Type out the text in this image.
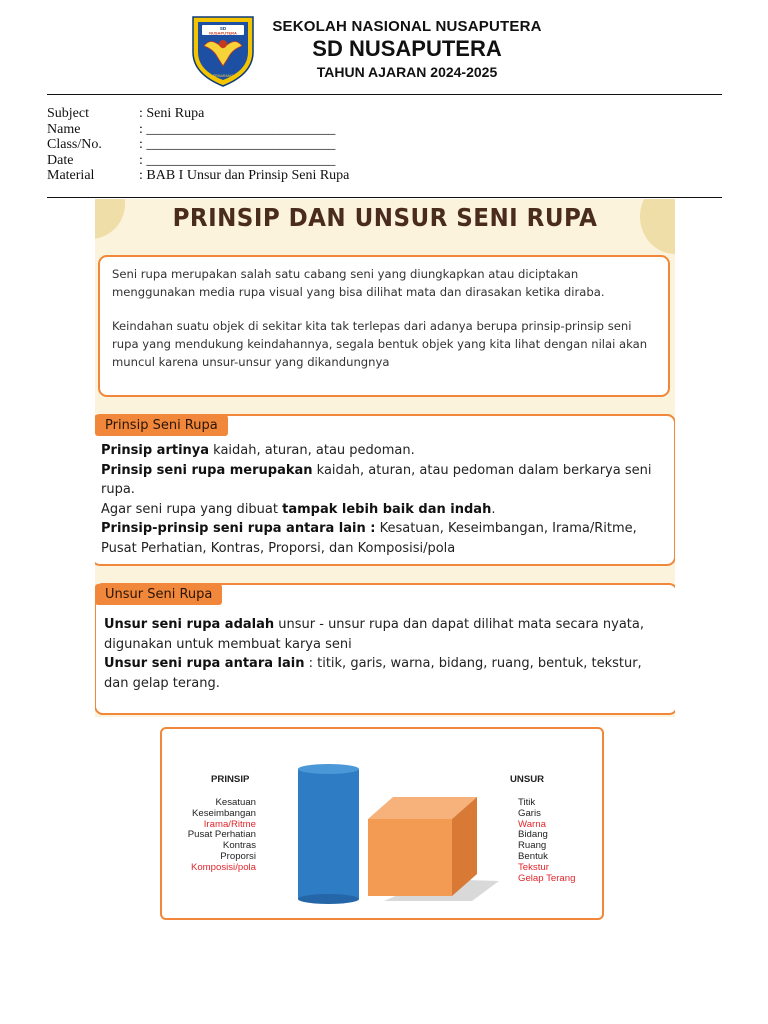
SD
NUSAPUTERA
SEMARANG
SEKOLAH NASIONAL NUSAPUTERA
SD NUSAPUTERA
TAHUN AJARAN 2024-2025
Subject	: Seni Rupa
Name	: ___________________________
Class/No.	: ___________________________
Date	: ___________________________
Material	: BAB I Unsur dan Prinsip Seni Rupa
PRINSIP DAN UNSUR SENI RUPA

Seni rupa merupakan salah satu cabang seni yang diungkapkan atau diciptakan menggunakan media rupa visual yang bisa dilihat mata dan dirasakan ketika diraba.

Keindahan suatu objek di sekitar kita tak terlepas dari adanya berupa prinsip-prinsip seni rupa yang mendukung keindahannya, segala bentuk objek yang kita lihat dengan nilai akan muncul karena unsur-unsur yang dikandungnya

Prinsip artinya kaidah, aturan, atau pedoman.
Prinsip seni rupa merupakan kaidah, aturan, atau pedoman dalam berkarya seni rupa.
Agar seni rupa yang dibuat tampak lebih baik dan indah.
Prinsip-prinsip seni rupa antara lain : Kesatuan, Keseimbangan, Irama/Ritme, Pusat Perhatian, Kontras, Proporsi, dan Komposisi/pola
Prinsip Seni Rupa
Unsur seni rupa adalah unsur - unsur rupa dan dapat dilihat mata secara nyata, digunakan untuk membuat karya seni
Unsur seni rupa antara lain : titik, garis, warna, bidang, ruang, bentuk, tekstur, dan gelap terang.
Unsur Seni Rupa
PRINSIP
Kesatuan
Keseimbangan
Irama/Ritme
Pusat Perhatian
Kontras
Proporsi
Komposisi/pola
UNSUR
Titik
Garis
Warna
Bidang
Ruang
Bentuk
Tekstur
Gelap Terang
